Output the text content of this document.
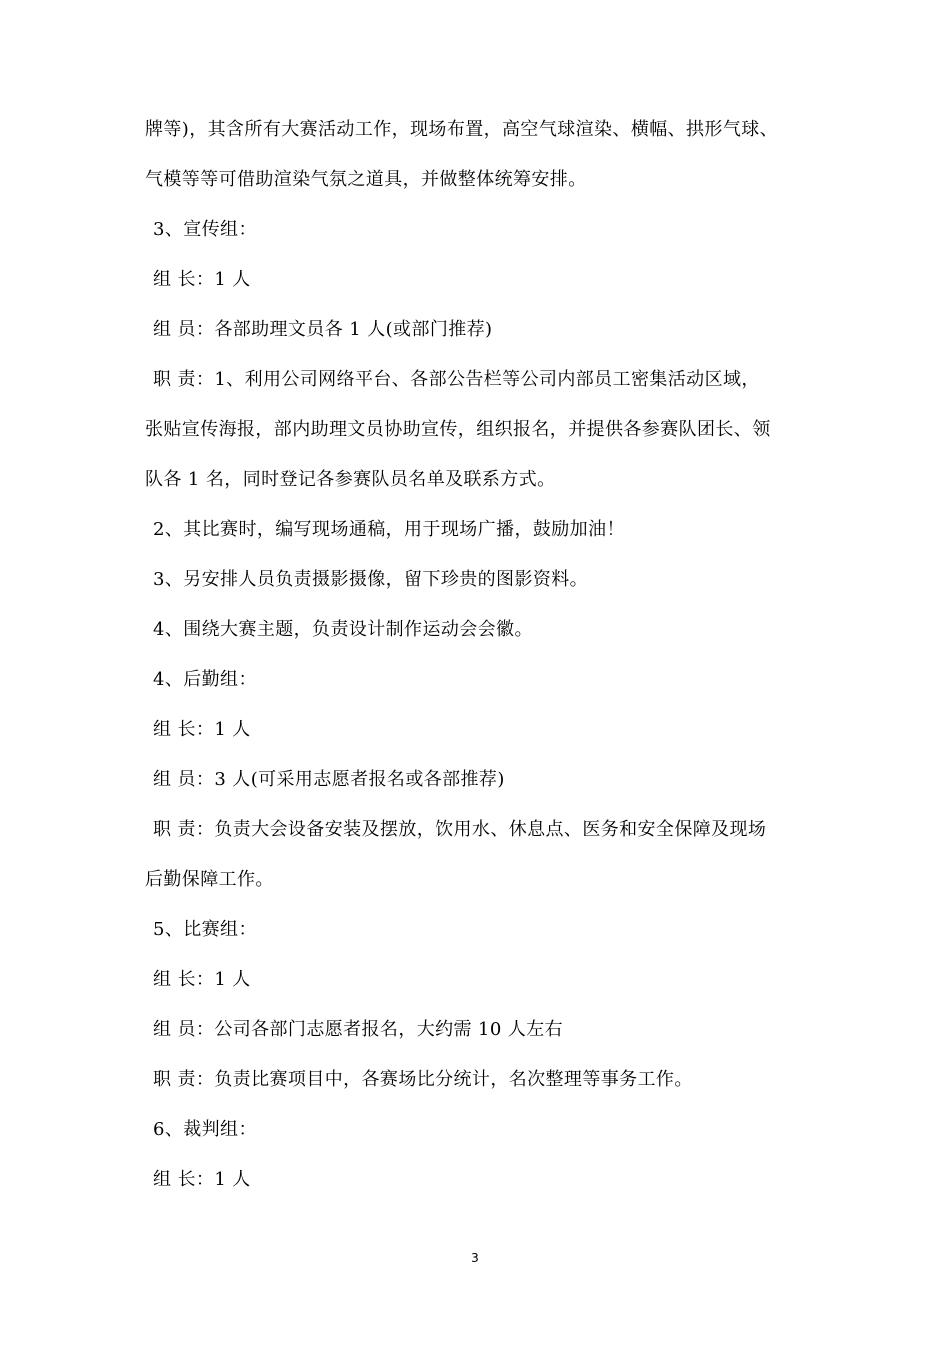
牌等)，其含所有大赛活动工作，现场布置，高空气球渲染、横幅、拱形气球、
气模等等可借助渲染气氛之道具，并做整体统筹安排。
3、宣传组：
组 长：1 人
组 员：各部助理文员各 1 人(或部门推荐)
职 责：1、利用公司网络平台、各部公告栏等公司内部员工密集活动区域，
张贴宣传海报，部内助理文员协助宣传，组织报名，并提供各参赛队团长、领
队各 1 名，同时登记各参赛队员名单及联系方式。
2、其比赛时，编写现场通稿，用于现场广播，鼓励加油！
3、另安排人员负责摄影摄像，留下珍贵的图影资料。
4、围绕大赛主题，负责设计制作运动会会徽。
4、后勤组：
组 长：1 人
组 员：3 人(可采用志愿者报名或各部推荐)
职 责：负责大会设备安装及摆放，饮用水、休息点、医务和安全保障及现场
后勤保障工作。
5、比赛组：
组 长：1 人
组 员：公司各部门志愿者报名，大约需 10 人左右
职 责：负责比赛项目中，各赛场比分统计，名次整理等事务工作。
6、裁判组：
组 长：1 人
3
